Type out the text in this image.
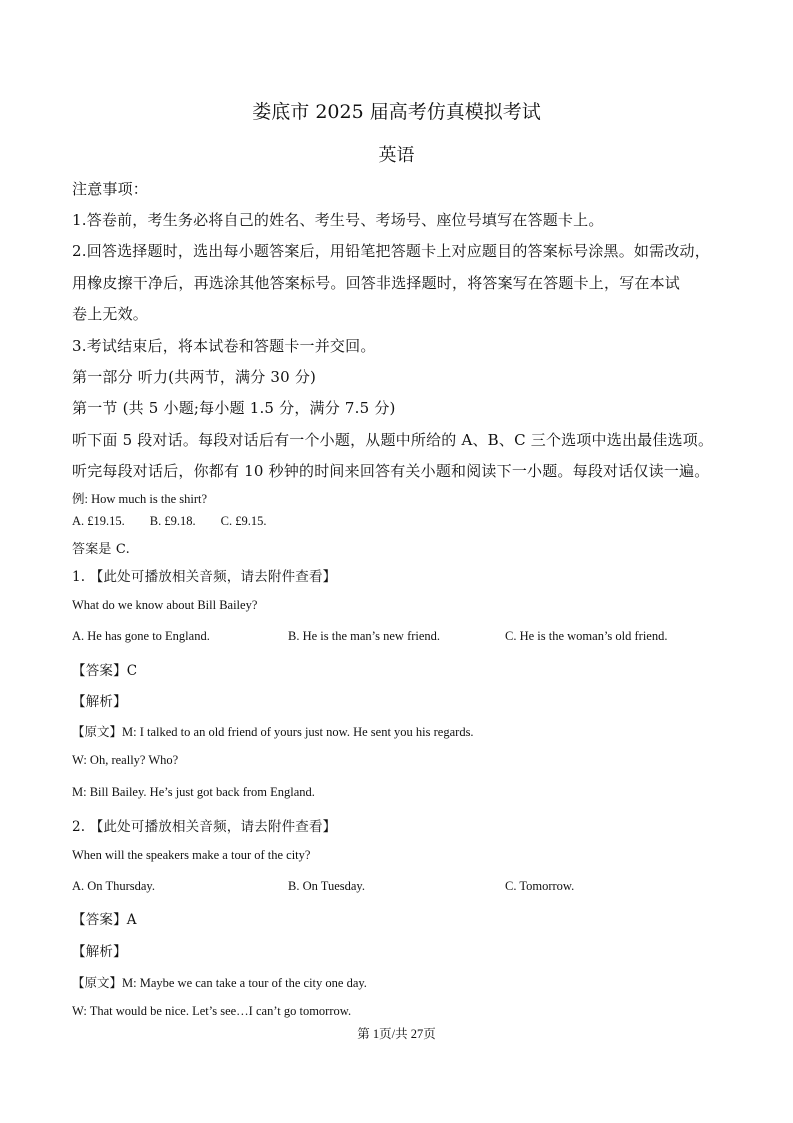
娄底市 2025 届高考仿真模拟考试
英语
注意事项：
1.答卷前，考生务必将自己的姓名、考生号、考场号、座位号填写在答题卡上。
2.回答选择题时，选出每小题答案后，用铅笔把答题卡上对应题目的答案标号涂黑。如需改动，
用橡皮擦干净后，再选涂其他答案标号。回答非选择题时，将答案写在答题卡上，写在本试
卷上无效。
3.考试结束后，将本试卷和答题卡一并交回。
第一部分 听力(共两节，满分 30 分)
第一节 (共 5 小题;每小题 1.5 分，满分 7.5 分)
听下面 5 段对话。每段对话后有一个小题，从题中所给的 A、B、C 三个选项中选出最佳选项。
听完每段对话后，你都有 10 秒钟的时间来回答有关小题和阅读下一小题。每段对话仅读一遍。
例: How much is the shirt?
A. £19.15.        B. £9.18.        C. £9.15.
答案是 C.
1. 【此处可播放相关音频，请去附件查看】
What do we know about Bill Bailey?
A. He has gone to England.	B. He is the man’s new friend.	C. He is the woman’s old friend.
【答案】C
【解析】
【原文】M: I talked to an old friend of yours just now. He sent you his regards.
W: Oh, really? Who?
M: Bill Bailey. He’s just got back from England.
2. 【此处可播放相关音频，请去附件查看】
When will the speakers make a tour of the city?
A. On Thursday.	B. On Tuesday.	C. Tomorrow.
【答案】A
【解析】
【原文】M: Maybe we can take a tour of the city one day.
W: That would be nice. Let’s see…I can’t go tomorrow.
第 1页/共 27页
